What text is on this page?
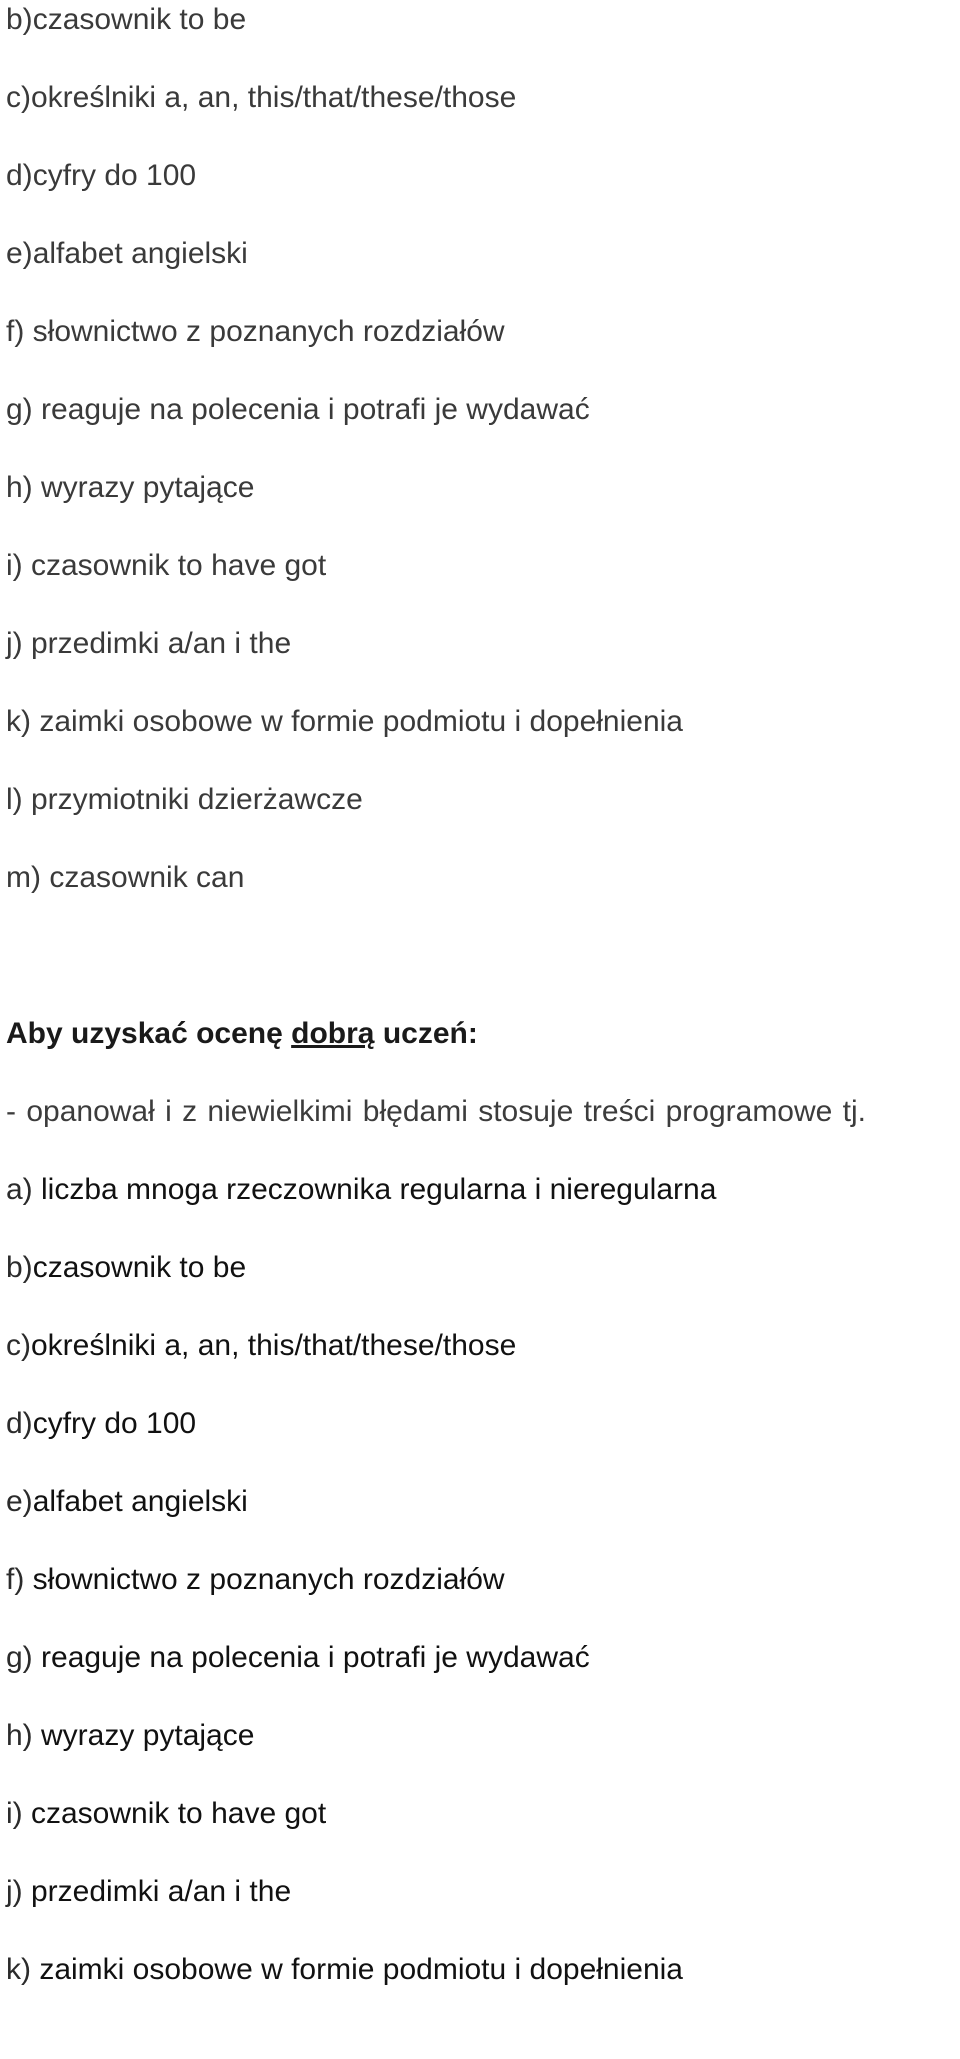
b)czasownik to be

c)określniki a, an, this/that/these/those

d)cyfry do 100

e)alfabet angielski

f) słownictwo z poznanych rozdziałów

g) reaguje na polecenia i potrafi je wydawać

h) wyrazy pytające

i) czasownik to have got

j) przedimki a/an i the

k) zaimki osobowe w formie podmiotu i dopełnienia

l) przymiotniki dzierżawcze

m) czasownik can

Aby uzyskać ocenę dobrą uczeń:

- opanował i z niewielkimi błędami stosuje treści programowe tj.

a) liczba mnoga rzeczownika regularna i nieregularna

b)czasownik to be

c)określniki a, an, this/that/these/those

d)cyfry do 100

e)alfabet angielski

f) słownictwo z poznanych rozdziałów

g) reaguje na polecenia i potrafi je wydawać

h) wyrazy pytające

i) czasownik to have got

j) przedimki a/an i the

k) zaimki osobowe w formie podmiotu i dopełnienia
